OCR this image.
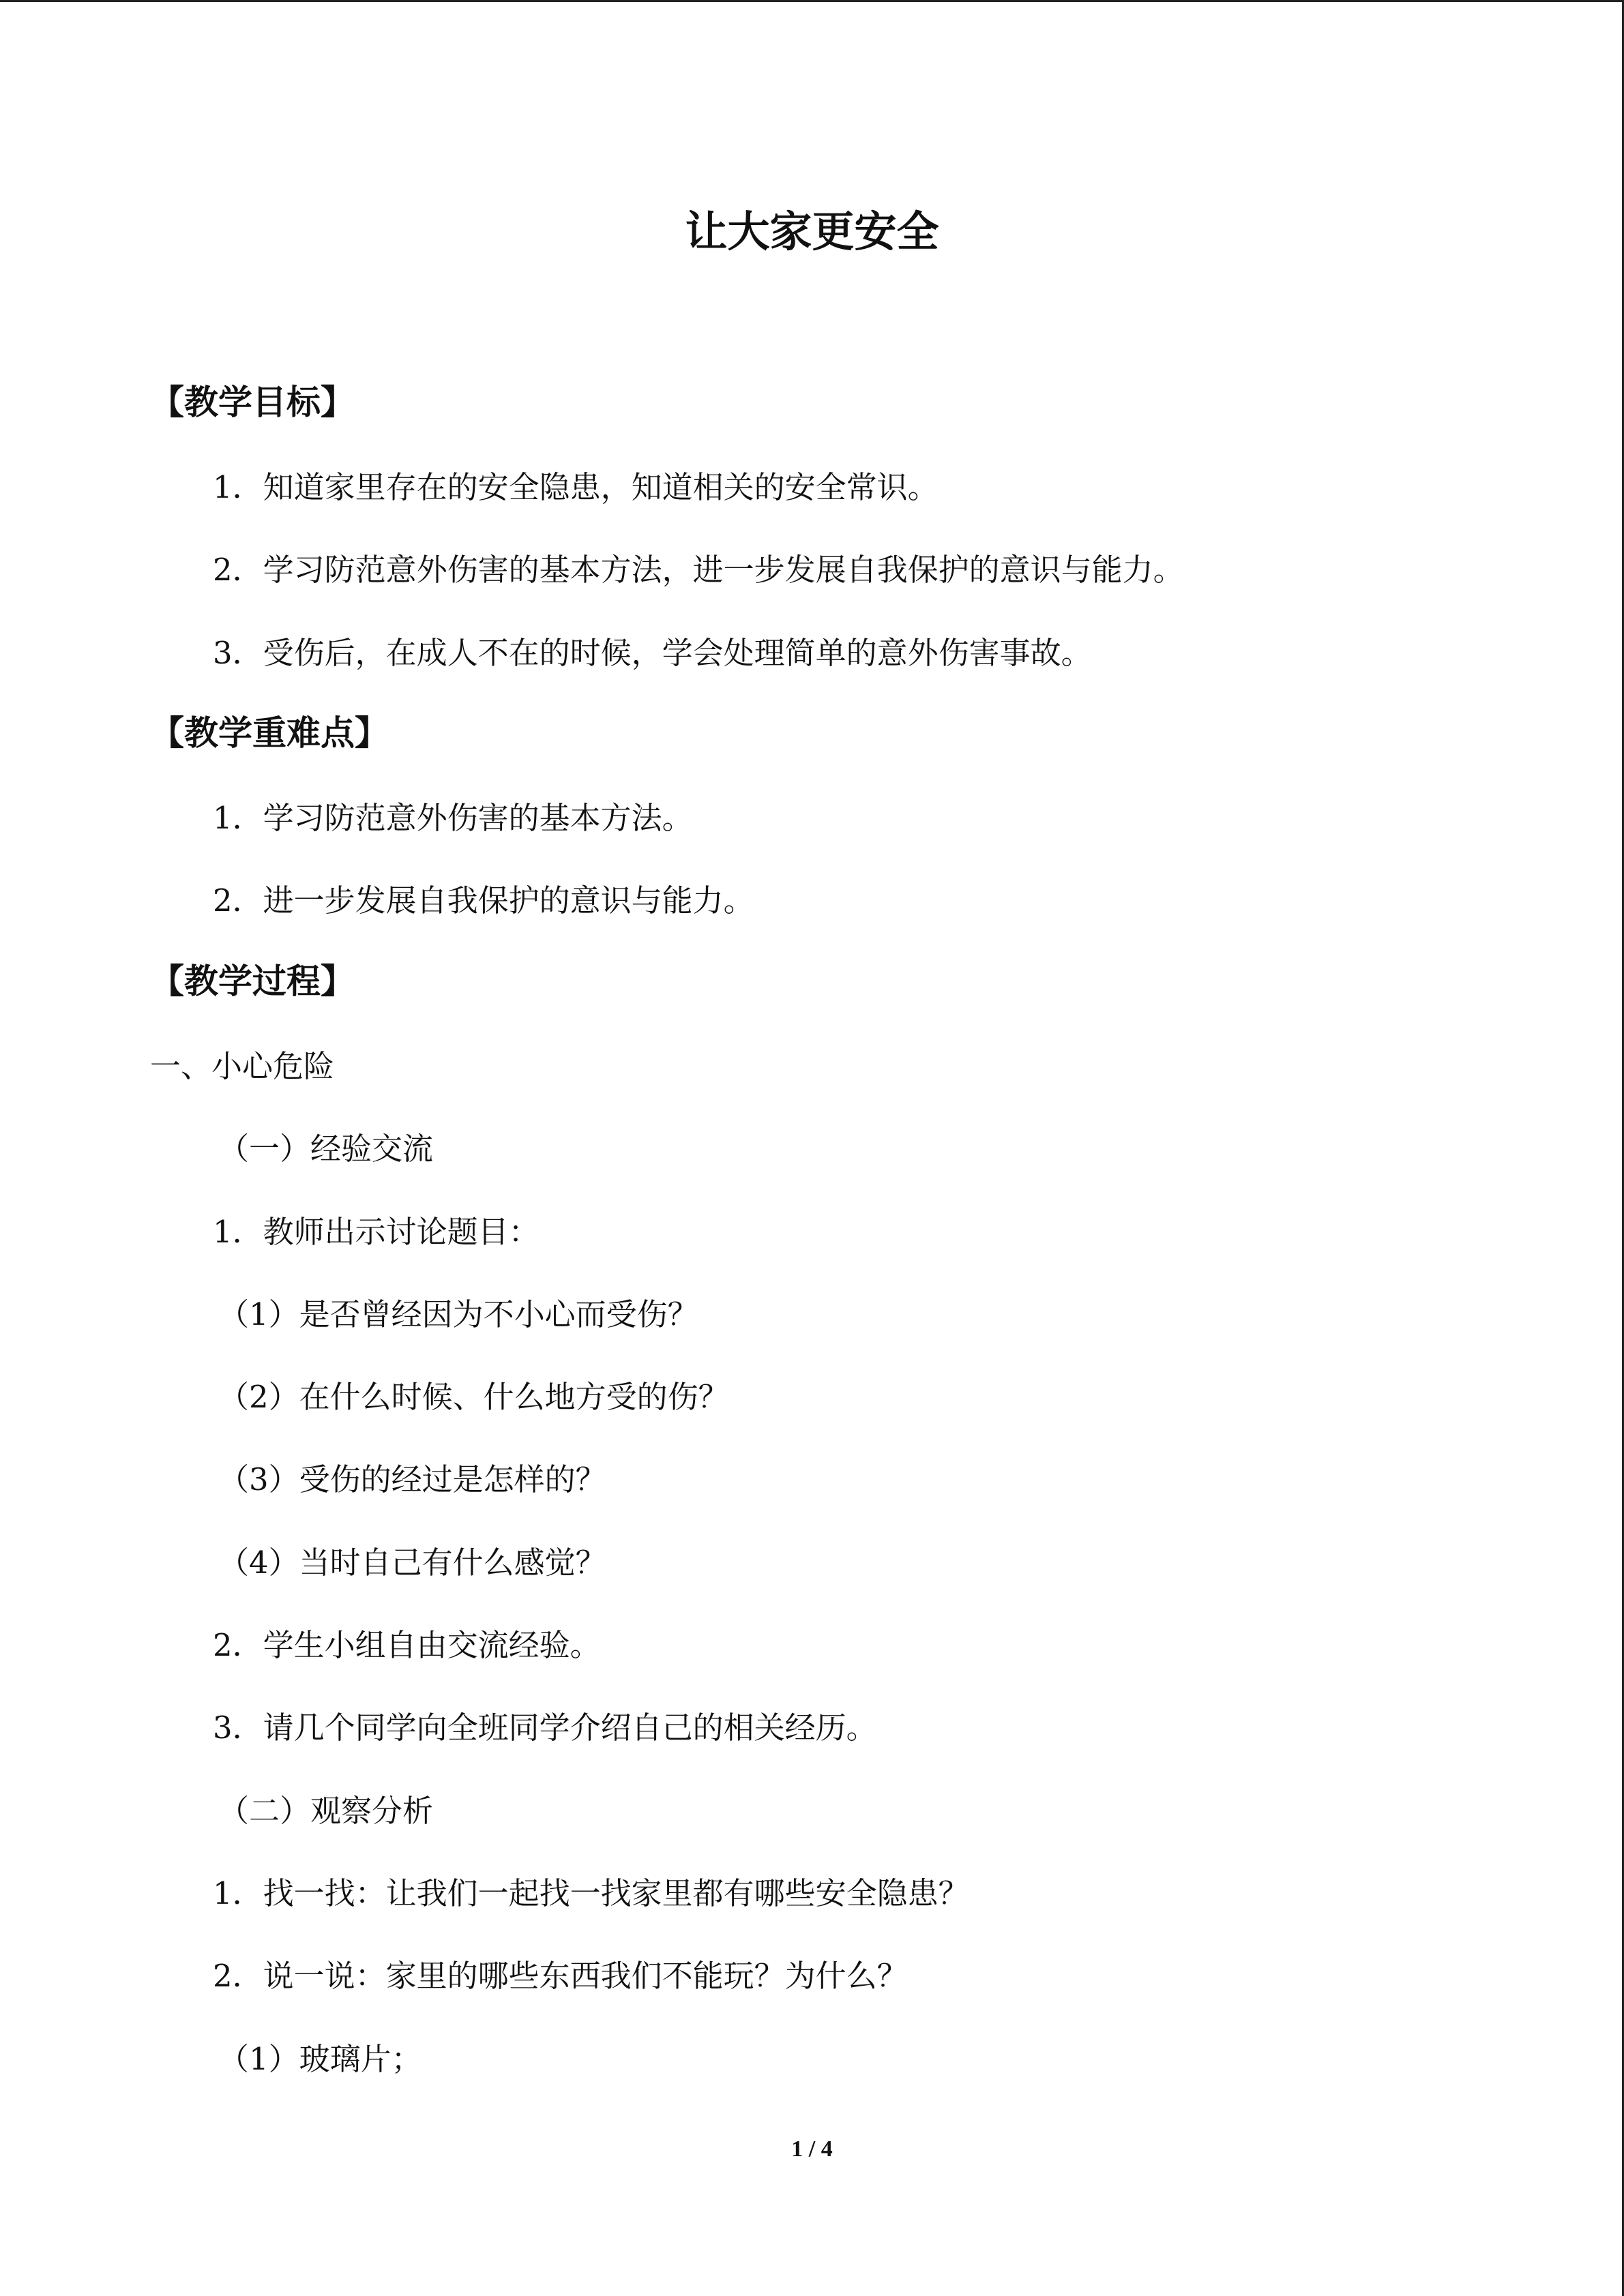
让大家更安全
【教学目标】
1．知道家里存在的安全隐患，知道相关的安全常识。
2．学习防范意外伤害的基本方法，进一步发展自我保护的意识与能力。
3．受伤后，在成人不在的时候，学会处理简单的意外伤害事故。
【教学重难点】
1．学习防范意外伤害的基本方法。
2．进一步发展自我保护的意识与能力。
【教学过程】
一、小心危险
（一）经验交流
1．教师出示讨论题目：
（1）是否曾经因为不小心而受伤？
（2）在什么时候、什么地方受的伤？
（3）受伤的经过是怎样的？
（4）当时自己有什么感觉？
2．学生小组自由交流经验。
3．请几个同学向全班同学介绍自己的相关经历。
（二）观察分析
1．找一找：让我们一起找一找家里都有哪些安全隐患？
2．说一说：家里的哪些东西我们不能玩？为什么？
（1）玻璃片；
1 / 4
